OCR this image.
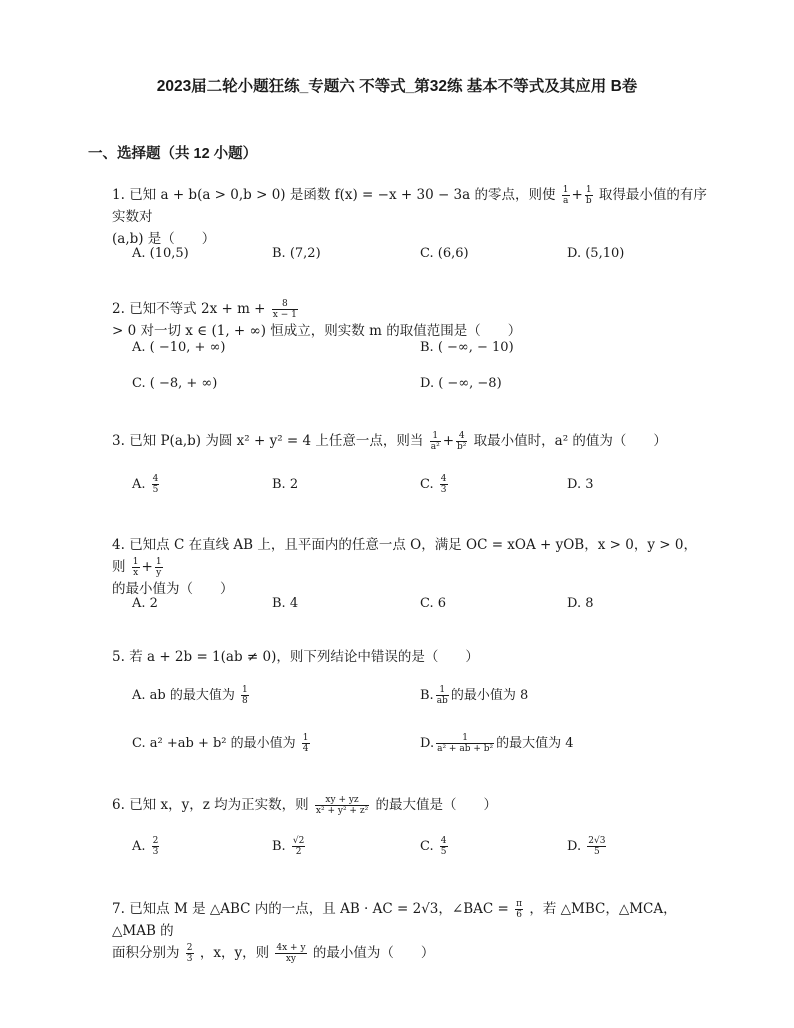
2023届二轮小题狂练_专题六 不等式_第32练 基本不等式及其应用 B卷
一、选择题（共 12 小题）
1. 已知 a + b(a > 0,b > 0) 是函数 f(x) = −x + 30 − 3a 的零点，则使 $\frac{1}{a} + \frac{1}{b}$ 取得最小值的有序实数对
(a,b) 是（　　）
A. (10,5)	B. (7,2)	C. (6,6)	D. (5,10)
2. 已知不等式 $2x + m + \frac{8}{x - 1}$
> 0 对一切 x ∈ (1, + ∞) 恒成立，则实数 m 的取值范围是（　　）
A. ( −10, + ∞)	B. ( −∞, − 10)
C. ( −8, + ∞)	D. ( −∞, −8)
3. 已知 P(a,b) 为圆 x² + y² = 4 上任意一点，则当 $\frac{1}{\text{a²}} + \frac{4}{\text{b²}}$ 取最小值时，a² 的值为（　　）
A. $\frac{4}{5}$	B. 2	C. $\frac{4}{3}$	D. 3
4. 已知点 C 在直线 AB 上，且平面内的任意一点 O，满足 OC = xOA + yOB，x > 0，y > 0，则 $\frac{1}{x} + \frac{1}{y}$

的最小值为（　　）
A. 2	B. 4	C. 6	D. 8
5. 若 a + 2b = 1(ab ≠ 0)，则下列结论中错误的是（　　）
A. ab 的最大值为 $\frac{1}{8}$	B. $\frac{1}{ab}$ 的最小值为 8
C. a² +ab + b² 的最小值为 $\frac{1}{4}$	D. $\frac{1}{\text{a² + ab + b²}}$ 的最大值为 4
6. 已知 x，y，z 均为正实数，则 $\frac{xy + yz}{\text{x² + y² + z²}}$ 的最大值是（　　）
A. $\frac{2}{3}$	B. $\frac{√2}{2}$	C. $\frac{4}{5}$	D. $\frac{2√3}{5}$
7. 已知点 M 是 △ABC 内的一点，且 AB · AC = 2√3，∠BAC = $\frac{\pi}{6}$ ，若 △MBC，△MCA，△MAB 的
面积分别为 $\frac{2}{3}$ ，x，y，则 $\frac{4x + y}{xy}$ 的最小值为（　　）
